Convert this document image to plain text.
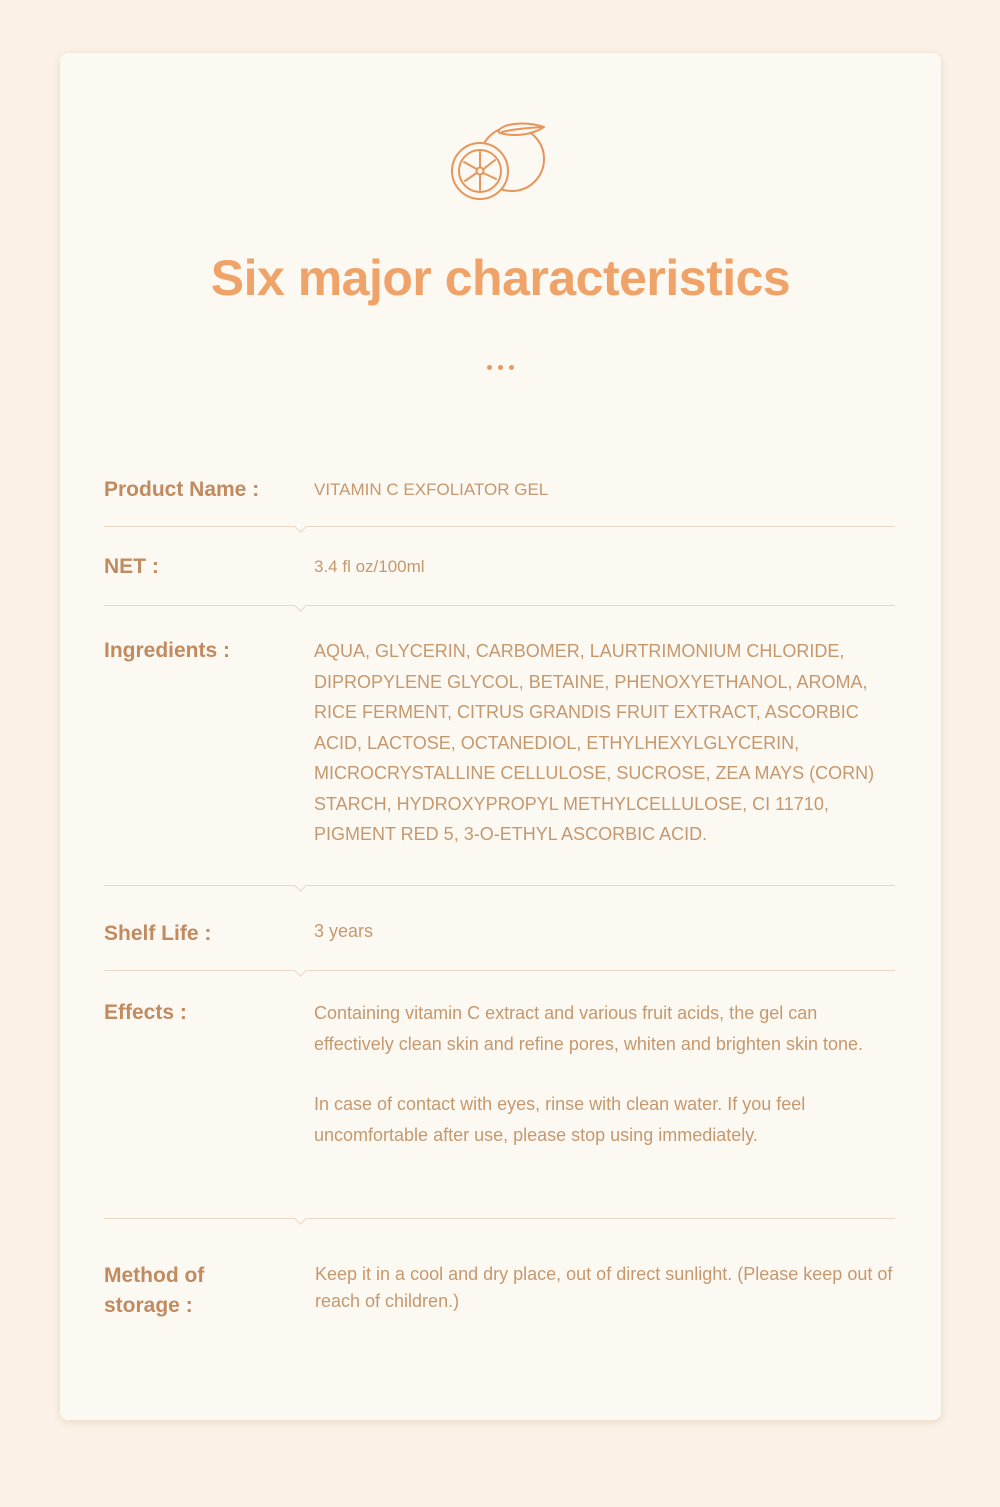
Six major characteristics
Product Name :	VITAMIN C EXFOLIATOR GEL
NET :	3.4 fl oz/100ml
Ingredients :	AQUA, GLYCERIN, CARBOMER, LAURTRIMONIUM CHLORIDE, DIPROPYLENE GLYCOL, BETAINE, PHENOXYETHANOL, AROMA, RICE FERMENT, CITRUS GRANDIS FRUIT EXTRACT, ASCORBIC ACID, LACTOSE, OCTANEDIOL, ETHYLHEXYLGLYCERIN, MICROCRYSTALLINE CELLULOSE, SUCROSE, ZEA MAYS (CORN) STARCH, HYDROXYPROPYL METHYLCELLULOSE, CI 11710, PIGMENT RED 5, 3-O-ETHYL ASCORBIC ACID.
Shelf Life :	3 years
Effects :	Containing vitamin C extract and various fruit acids, the gel can effectively clean skin and refine pores, whiten and brighten skin tone.

In case of contact with eyes, rinse with clean water. If you feel uncomfortable after use, please stop using immediately.

Method of storage :
Keep it in a cool and dry place, out of direct sunlight. (Please keep out of reach of children.)
